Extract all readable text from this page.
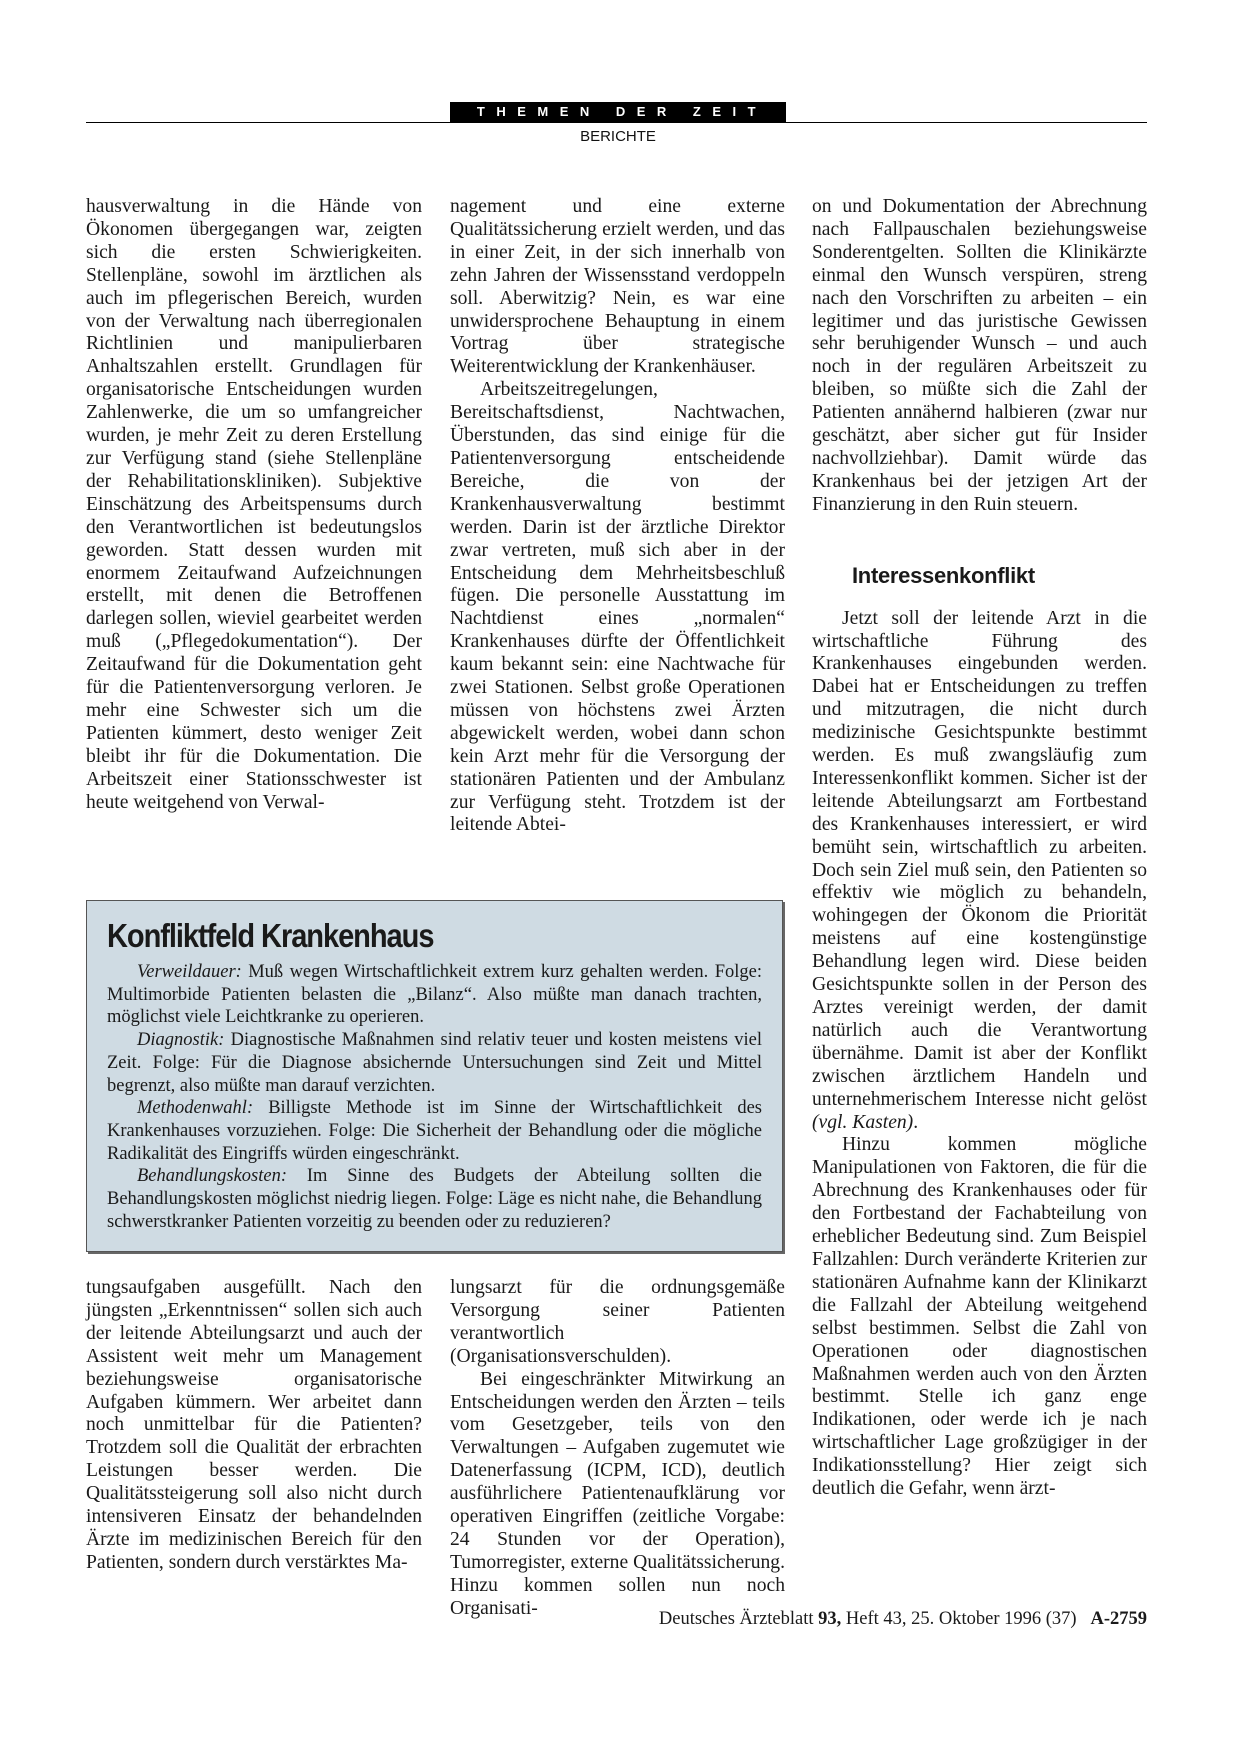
THEMEN DER ZEIT
BERICHTE

hausverwaltung in die Hände von Ökonomen übergegangen war, zeigten sich die ersten Schwierigkeiten. Stellenpläne, sowohl im ärztlichen als auch im pflegerischen Bereich, wurden von der Verwaltung nach überregionalen Richtlinien und manipulierbaren Anhaltszahlen erstellt. Grundlagen für organisatorische Entscheidungen wurden Zahlenwerke, die um so umfangreicher wurden, je mehr Zeit zu deren Erstellung zur Verfügung stand (siehe Stellenpläne der Rehabilitationskliniken). Subjektive Einschätzung des Arbeitspensums durch den Verantwortlichen ist bedeutungslos geworden. Statt dessen wurden mit enormem Zeitaufwand Aufzeichnungen erstellt, mit denen die Betroffenen darlegen sollen, wieviel gearbeitet werden muß („Pflegedokumentation“). Der Zeitaufwand für die Dokumentation geht für die Patientenversorgung verloren. Je mehr eine Schwester sich um die Patienten kümmert, desto weniger Zeit bleibt ihr für die Dokumentation. Die Arbeitszeit einer Stationsschwester ist heute weitgehend von Verwal-

nagement und eine externe Qualitätssicherung erzielt werden, und das in einer Zeit, in der sich innerhalb von zehn Jahren der Wissensstand verdoppeln soll. Aberwitzig? Nein, es war eine unwidersprochene Behauptung in einem Vortrag über strategische Weiterentwicklung der Krankenhäuser.

Arbeitszeitregelungen, Bereitschaftsdienst, Nachtwachen, Überstunden, das sind einige für die Patientenversorgung entscheidende Bereiche, die von der Krankenhausverwaltung bestimmt werden. Darin ist der ärztliche Direktor zwar vertreten, muß sich aber in der Entscheidung dem Mehrheitsbeschluß fügen. Die personelle Ausstattung im Nachtdienst eines „normalen“ Krankenhauses dürfte der Öffentlichkeit kaum bekannt sein: eine Nachtwache für zwei Stationen. Selbst große Operationen müssen von höchstens zwei Ärzten abgewickelt werden, wobei dann schon kein Arzt mehr für die Versorgung der stationären Patienten und der Ambulanz zur Verfügung steht. Trotzdem ist der leitende Abtei-

on und Dokumentation der Abrechnung nach Fallpauschalen beziehungsweise Sonderentgelten. Sollten die Klinikärzte einmal den Wunsch verspüren, streng nach den Vorschriften zu arbeiten – ein legitimer und das juristische Gewissen sehr beruhigender Wunsch – und auch noch in der regulären Arbeitszeit zu bleiben, so müßte sich die Zahl der Patienten annähernd halbieren (zwar nur geschätzt, aber sicher gut für Insider nachvollziehbar). Damit würde das Krankenhaus bei der jetzigen Art der Finanzierung in den Ruin steuern.

Interessenkonflikt

Jetzt soll der leitende Arzt in die wirtschaftliche Führung des Krankenhauses eingebunden werden. Dabei hat er Entscheidungen zu treffen und mitzutragen, die nicht durch medizinische Gesichtspunkte bestimmt werden. Es muß zwangsläufig zum Interessenkonflikt kommen. Sicher ist der leitende Abteilungsarzt am Fortbestand des Krankenhauses interessiert, er wird bemüht sein, wirtschaftlich zu arbeiten. Doch sein Ziel muß sein, den Patienten so effektiv wie möglich zu behandeln, wohingegen der Ökonom die Priorität meistens auf eine kostengünstige Behandlung legen wird. Diese beiden Gesichtspunkte sollen in der Person des Arztes vereinigt werden, der damit natürlich auch die Verantwortung übernähme. Damit ist aber der Konflikt zwischen ärztlichem Handeln und unternehmerischem Interesse nicht gelöst (vgl. Kasten).

Hinzu kommen mögliche Manipulationen von Faktoren, die für die Abrechnung des Krankenhauses oder für den Fortbestand der Fachabteilung von erheblicher Bedeutung sind. Zum Beispiel Fallzahlen: Durch veränderte Kriterien zur stationären Aufnahme kann der Klinikarzt die Fallzahl der Abteilung weitgehend selbst bestimmen. Selbst die Zahl von Operationen oder diagnostischen Maßnahmen werden auch von den Ärzten bestimmt. Stelle ich ganz enge Indikationen, oder werde ich je nach wirtschaftlicher Lage großzügiger in der Indikationsstellung? Hier zeigt sich deutlich die Gefahr, wenn ärzt-

Konfliktfeld Krankenhaus

Verweildauer: Muß wegen Wirtschaftlichkeit extrem kurz gehalten werden. Folge: Multimorbide Patienten belasten die „Bilanz“. Also müßte man danach trachten, möglichst viele Leichtkranke zu operieren.

Diagnostik: Diagnostische Maßnahmen sind relativ teuer und kosten meistens viel Zeit. Folge: Für die Diagnose absichernde Untersuchungen sind Zeit und Mittel begrenzt, also müßte man darauf verzichten.

Methodenwahl: Billigste Methode ist im Sinne der Wirtschaftlichkeit des Krankenhauses vorzuziehen. Folge: Die Sicherheit der Behandlung oder die mögliche Radikalität des Eingriffs würden eingeschränkt.

Behandlungskosten: Im Sinne des Budgets der Abteilung sollten die Behandlungskosten möglichst niedrig liegen. Folge: Läge es nicht nahe, die Behandlung schwerstkranker Patienten vorzeitig zu beenden oder zu reduzieren?

tungsaufgaben ausgefüllt. Nach den jüngsten „Erkenntnissen“ sollen sich auch der leitende Abteilungsarzt und auch der Assistent weit mehr um Management beziehungsweise organisatorische Aufgaben kümmern. Wer arbeitet dann noch unmittelbar für die Patienten? Trotzdem soll die Qualität der erbrachten Leistungen besser werden. Die Qualitätssteigerung soll also nicht durch intensiveren Einsatz der behandelnden Ärzte im medizinischen Bereich für den Patienten, sondern durch verstärktes Ma-

lungsarzt für die ordnungsgemäße Versorgung seiner Patienten verantwortlich (Organisationsverschulden).

Bei eingeschränkter Mitwirkung an Entscheidungen werden den Ärzten – teils vom Gesetzgeber, teils von den Verwaltungen – Aufgaben zugemutet wie Datenerfassung (ICPM, ICD), deutlich ausführlichere Patientenaufklärung vor operativen Eingriffen (zeitliche Vorgabe: 24 Stunden vor der Operation), Tumorregister, externe Qualitätssicherung. Hinzu kommen sollen nun noch Organisati-

Deutsches Ärzteblatt 93, Heft 43, 25. Oktober 1996 (37) A-2759
